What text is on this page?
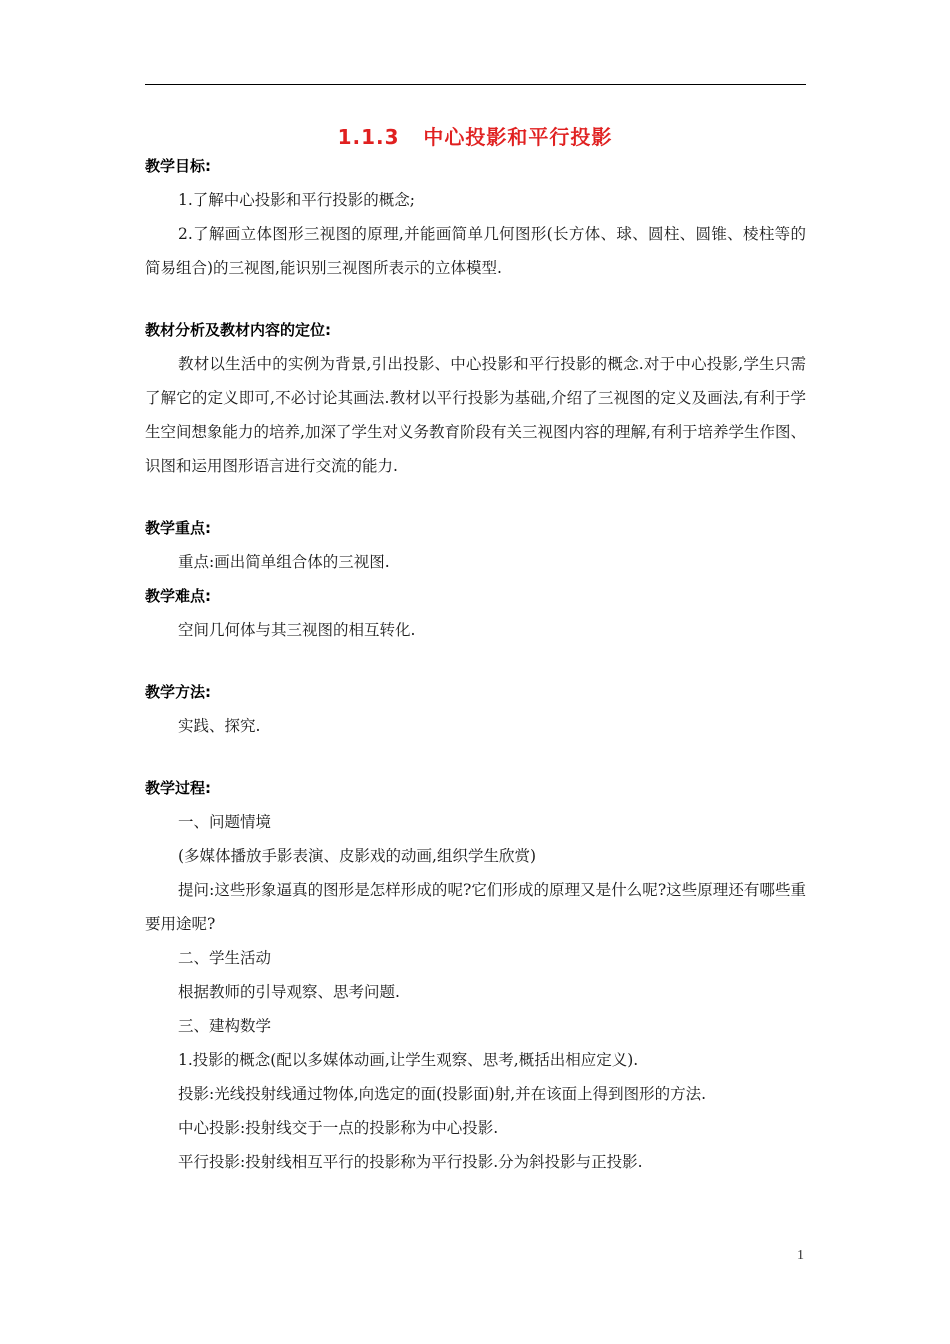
1.1.3   中心投影和平行投影
教学目标:

1.了解中心投影和平行投影的概念;

2.了解画立体图形三视图的原理,并能画简单几何图形(长方体、球、圆柱、圆锥、棱柱等的简易组合)的三视图,能识别三视图所表示的立体模型.

教材分析及教材内容的定位:

教材以生活中的实例为背景,引出投影、中心投影和平行投影的概念.对于中心投影,学生只需了解它的定义即可,不必讨论其画法.教材以平行投影为基础,介绍了三视图的定义及画法,有利于学生空间想象能力的培养,加深了学生对义务教育阶段有关三视图内容的理解,有利于培养学生作图、识图和运用图形语言进行交流的能力.

教学重点:

重点:画出简单组合体的三视图.

教学难点:

空间几何体与其三视图的相互转化.

教学方法:

实践、探究.

教学过程:

一、问题情境

(多媒体播放手影表演、皮影戏的动画,组织学生欣赏)

提问:这些形象逼真的图形是怎样形成的呢?它们形成的原理又是什么呢?这些原理还有哪些重要用途呢?

二、学生活动

根据教师的引导观察、思考问题.

三、建构数学

1.投影的概念(配以多媒体动画,让学生观察、思考,概括出相应定义).

投影:光线投射线通过物体,向选定的面(投影面)射,并在该面上得到图形的方法.

中心投影:投射线交于一点的投影称为中心投影.

平行投影:投射线相互平行的投影称为平行投影.分为斜投影与正投影.

1
